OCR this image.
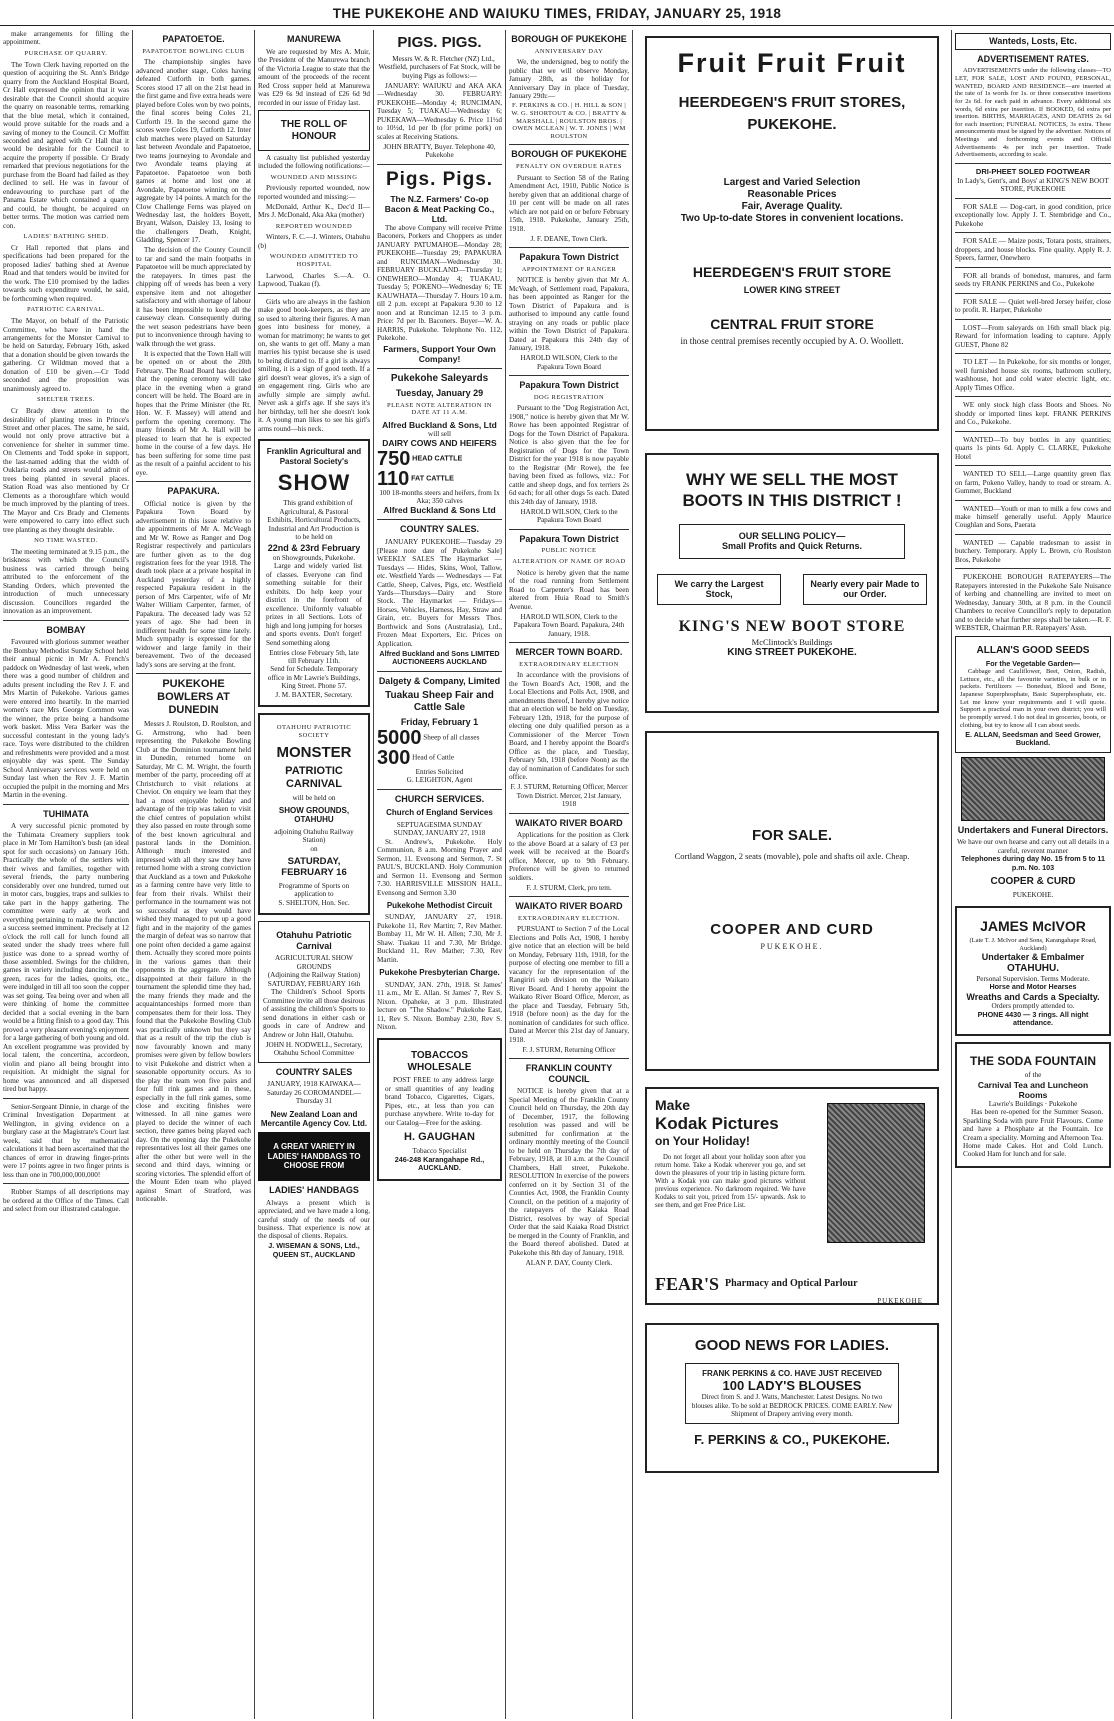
THE PUKEKOHE AND WAIUKU TIMES, FRIDAY, JANUARY 25, 1918
make arrangements for filling the appointment.
PURCHASE OF QUARRY.
The Town Clerk having reported on the question of acquiring the St. Ann's Bridge quarry from the Auckland Hospital Board, Cr Hall expressed the opinion that it was desirable that the Council should acquire the quarry on reasonable terms, remarking that the blue metal, which it contained, would prove suitable for the roads and a saving of money to the Council. Cr Moffitt seconded and agreed with Cr Hall that it would be desirable for the Council to acquire the property if possible. Cr Brady remarked that previous negotiations for the purchase from the Board had failed as they declined to sell. He was in favour of endeavouring to purchase part of the Panama Estate which contained a quarry and could, he thought, be acquired on better terms. The motion was carried nem con.
LADIES' BATHING SHED.
Cr Hall reported that plans and specifications had been prepared for the proposed ladies' bathing shed at Avenue Road and that tenders would be invited for the work. The £10 promised by the ladies towards such expenditure would, he said, be forthcoming when required.
PATRIOTIC CARNIVAL.
The Mayor, on behalf of the Patriotic Committee, who have in hand the arrangements for the Monster Carnival to be held on Saturday, February 16th, asked that a donation should be given towards the gathering. Cr Wildman moved that a donation of £10 be given.—Cr Todd seconded and the proposition was unanimously agreed to.
SHELTER TREES.
Cr Brady drew attention to the desirability of planting trees in Prince's Street and other places. The same, he said, would not only prove attractive but a convenience for shelter in summer time. On Clements and Todd spoke in support, the last-named adding that the width of Ouklaria roads and streets would admit of trees being planted in several places. Station Road was also mentioned by Cr Clements as a thoroughfare which would be much improved by the planting of trees. The Mayor and Crs Brady and Clements were empowered to carry into effect such tree planting as they thought desirable.
NO TIME WASTED.
The meeting terminated at 9.15 p.m., the briskness with which the Council's business was carried through being attributed to the enforcement of the Standing Orders, which prevented the introduction of much unnecessary discussion. Councillors regarded the innovation as an improvement.
BOMBAY
Favoured with glorious summer weather the Bombay Methodist Sunday School held their annual picnic in Mr A. French's paddock on Wednesday of last week, when there was a good number of children and adults present including the Rev J. F. and Mrs Martin of Pukekohe. Various games were entered into heartily. In the married women's race Mrs George Common was the winner, the prize being a handsome work basket. Miss Vera Barker was the successful contestant in the young lady's race. Toys were distributed to the children and refreshments were provided and a most enjoyable day was spent. The Sunday School Anniversary services were held on Sunday last when the Rev J. F. Martin occupied the pulpit in the morning and Mrs Martin in the evening.
TUHIMATA
A very successful picnic promoted by the Tuhimata Creamery suppliers took place in Mr Tom Hamilton's bush (an ideal spot for such occasions) on January 16th. Practically the whole of the settlers with their wives and families, together with several friends, the party numbering considerably over one hundred, turned out in motor cars, buggies, traps and sulkies to take part in the happy gathering. The committee were early at work and everything pertaining to make the function a success seemed imminent. Precisely at 12 o'clock the roll call for lunch found all seated under the shady trees where full justice was done to a spread worthy of those assembled. Swings for the children, games in variety including dancing on the green, races for the ladies, quoits, etc., were indulged in till all too soon the copper was set going. Tea being over and when all were thinking of home the committee decided that a social evening in the barn would be a fitting finish to a good day. This proved a very pleasant evening's enjoyment for a large gathering of both young and old. An excellent programme was provided by local talent, the concertina, accordeon, violin and piano all being brought into requisition. At midnight the signal for home was announced and all dispersed tired but happy.
Senior-Sergeant Dinnie, in charge of the Criminal Investigation Department at Wellington, in giving evidence on a burglary case at the Magistrate's Court last week, said that by mathematical calculations it had been ascertained that the chances of error in drawing finger-prints were 17 points agree in two finger prints is less than one in 700,000,000,000!
Rubber Stamps of all descriptions may be ordered at the Office of the Times. Call and select from our illustrated catalogue.
PAPATOETOE.
PAPATOETOE BOWLING CLUB
The championship singles have advanced another stage, Coles having defeated Cutforth in both games. Scores stood 17 all on the 21st head in the first game and five extra heads were played before Coles won by two points, the final scores being Coles 21, Cutforth 19. In the second game the scores were Coles 19, Cutforth 12. Inter club matches were played on Saturday last between Avondale and Papatoetoe, two teams journeying to Avondale and two Avondale teams playing at Papatoetoe. Papatoetoe won both games at home and lost one at Avondale, Papatoetoe winning on the aggregate by 14 points. A match for the Clow Challenge Ferns was played on Wednesday last, the holders Boyett, Bryant, Walson, Daisley 13, losing to the challengers Death, Knight, Gladding, Spencer 17.
The decision of the County Council to tar and sand the main footpaths in Papatoetoe will be much appreciated by the ratepayers. In times past the chipping off of weeds has been a very expensive item and not altogether satisfactory and with shortage of labour it has been impossible to keep all the causeway clean. Consequently during the wet season pedestrians have been put to inconvenience through having to walk through the wet grass.
It is expected that the Town Hall will be opened on or about the 20th February. The Road Board has decided that the opening ceremony will take place in the evening when a grand concert will be held. The Board are in hopes that the Prime Minister (the Rt. Hon. W. F. Massey) will attend and perform the opening ceremony. The many friends of Mr A. Hall will be pleased to learn that he is expected home in the course of a few days. He has been suffering for some time past as the result of a painful accident to his eye.
PAPAKURA.
Official notice is given by the Papakura Town Board by advertisement in this issue relative to the appointments of Mr A. McVeagh and Mr W. Rowe as Ranger and Dog Registrar respectively and particulars are further given as to the dog registration fees for the year 1918. The death took place at a private hospital in Auckland yesterday of a highly respected Papakura resident in the person of Mrs Carpenter, wife of Mr Walter William Carpenter, farmer, of Papakura. The deceased lady was 52 years of age. She had been in indifferent health for some time lately. Much sympathy is expressed for the widower and large family in their bereavement. Two of the deceased lady's sons are serving at the front.
PUKEKOHE BOWLERS AT DUNEDIN
Messrs J. Roulston, D. Roulston, and G. Armstrong, who had been representing the Pukekohe Bowling Club at the Dominion tournament held in Dunedin, returned home on Saturday, Mr C. M. Wright, the fourth member of the party, proceeding off at Christchurch to visit relations at Cheviot. On enquiry we learn that they had a most enjoyable holiday and advantage of the trip was taken to visit the chief centres of population whilst they also passed en route through some of the best known agricultural and pastoral lands in the Dominion. Although much interested and impressed with all they saw they have returned home with a strong conviction that Auckland as a town and Pukekohe as a farming centre have very little to fear from their rivals. Whilst their performance in the tournament was not so successful as they would have wished they managed to put up a good fight and in the majority of the games the margin of defeat was so narrow that one point often decided a game against them. Actually they scored more points in the various games than their opponents in the aggregate. Although disappointed at their failure in the tournament the splendid time they had, the many friends they made and the acquaintanceships formed more than compensates them for their loss. They found that the Pukekohe Bowling Club was practically unknown but they say that as a result of the trip the club is now favourably known and many promises were given by fellow bowlers to visit Pukekohe and district when a seasonable opportunity occurs. As to the play the team won five pairs and four full rink games and in these, especially in the full rink games, some close and exciting finishes were witnessed. In all nine games were played to decide the winner of each section, three games being played each day. On the opening day the Pukekohe representatives lost all their games one after the other but were well in the second and third days, winning or scoring victories. The splendid effort of the Mount Eden team who played against Smart of Stratford, was noticeable.
MANUREWA
We are requested by Mrs A. Muir, the President of the Manurewa branch of the Victoria League to state that the amount of the proceeds of the recent Red Cross supper held at Manurewa was £29 6s 9d instead of £26 6d 9d recorded in our issue of Friday last.
THE ROLL OF HONOUR
A casualty list published yesterday included the following notifications:—
WOUNDED AND MISSING
Previously reported wounded, now reported wounded and missing:—
McDonald, Arthur K., Dec'd II—Mrs J. McDonald, Aka Aka (mother)
REPORTED WOUNDED
Winters, F. C.—J. Winters, Otahuhu (b)
WOUNDED ADMITTED TO HOSPITAL
Larwood, Charles S.—A. O. Lapwood, Tuakau (f).
Girls who are always in the fashion make good book-keepers, as they are so used to altering their figures. A man goes into business for money, a woman for matrimony; he wants to get on, she wants to get off. Many a man marries his typist because she is used to being dictated to. If a girl is always smiling, it is a sign of good teeth. If a girl doesn't wear gloves, it's a sign of an engagement ring. Girls who are awfully simple are simply awful. Never ask a girl's age. If she says it's her birthday, tell her she doesn't look it. A young man likes to see his girl's arms round—his neck.
Franklin Agricultural and Pastoral Society's
SHOW
This grand exhibition of Agricultural, & Pastoral Exhibits, Horticultural Products, Industrial and Art Production is to be held on
22nd & 23rd February
on Showgrounds, Pukekohe.
Large and widely varied list of classes. Everyone can find something suitable for their exhibits. Do help keep your district in the forefront of excellence. Uniformly valuable prizes in all Sections. Lots of high and long jumping for horses and sports events. Don't forget! Send something along
Entries close February 5th, late till February 11th.
Send for Schedule. Temporary office in Mr Lawrie's Buildings, King Street. Phone 57.
J. M. BAXTER, Secretary.
OTAHUHU PATRIOTIC SOCIETY
MONSTER
PATRIOTIC CARNIVAL
will be held on
SHOW GROUNDS, OTAHUHU
adjoining Otahuhu Railway Station)
on
SATURDAY, FEBRUARY 16
Programme of Sports on application to
S. SHELTON, Hon. Sec.
Otahuhu Patriotic Carnival
AGRICULTURAL SHOW GROUNDS
(Adjoining the Railway Station)
SATURDAY, FEBRUARY 16th
The Children's School Sports Committee invite all those desirous of assisting the children's Sports to send donations in either cash or goods in care of Andrew and Andrew or John Hall, Otahuhu.
JOHN H. NODWELL, Secretary, Otahuhu School Committee
COUNTRY SALES
JANUARY, 1918 KAIWAKA—Saturday 26 COROMANDEL—Thursday 31
New Zealand Loan and Mercantile Agency Cov. Ltd.
A GREAT VARIETY IN LADIES' HANDBAGS TO CHOOSE FROM
LADIES' HANDBAGS
Always a present which is appreciated, and we have made a long, careful study of the needs of our business. That experience is now at the disposal of clients. Repairs.
J. WISEMAN & SONS, Ltd., QUEEN ST., AUCKLAND
PIGS. PIGS.
Messrs W. & R. Fletcher (NZ) Ltd., Westfield, purchasers of Fat Stock, will be buying Pigs as follows:—
JANUARY: WAIUKU and AKA AKA—Wednesday 30. FEBRUARY: PUKEKOHE—Monday 4; RUNCIMAN, Tuesday 5; TUAKAU—Wednesday 6; PUKEKAWA—Wednesday 6. Price 11½d to 10½d, 1d per lb (for prime pork) on scales at Receiving Stations.
JOHN BRATTY, Buyer. Telephone 40, Pukekohe
Pigs. Pigs.
The N.Z. Farmers' Co-op Bacon & Meat Packing Co., Ltd.
The above Company will receive Prime Baconers, Porkers and Choppers as under JANUARY PATUMAHOE—Monday 28; PUKEKOHE—Tuesday 29; PAPAKURA and RUNCIMAN—Wednesday 30. FEBRUARY BUCKLAND—Thursday 1; ONEWHERO—Monday 4; TUAKAU, Tuesday 5; POKENO—Wednesday 6; TE KAUWHATA—Thursday 7. Hours 10 a.m. till 2 p.m. except at Papakura 9.30 to 12 noon and at Runciman 12.15 to 3 p.m. Price: 7d per lb. Baconers. Buyer—W. A. HARRIS, Pukekohe. Telephone No. 112, Pukekohe.
Farmers, Support Your Own Company!
Pukekohe Saleyards
Tuesday, January 29
PLEASE NOTE ALTERATION IN DATE AT 11 A.M.
Alfred Buckland & Sons, Ltd
will sell
DAIRY COWS AND HEIFERS
750 HEAD CATTLE
110 FAT CATTLE
100 18-months steers and heifers, from Ix Aka; 350 calves
Alfred Buckland & Sons Ltd
COUNTRY SALES.
JANUARY PUKEKOHE—Tuesday 29 [Please note date of Pukekohe Sale] WEEKLY SALES The Haymarket — Tuesdays — Hides, Skins, Wool, Tallow, etc. Westfield Yards — Wednesdays — Fat Cattle, Sheep, Calves, Pigs, etc. Westfield Yards—Thursdays—Dairy and Store Stock. The Haymarket — Fridays—Horses, Vehicles, Harness, Hay, Straw and Grain, etc. Buyers for Messrs Thos. Borthwick and Sons (Australasia), Ltd., Frozen Meat Exporters, Etc. Prices on Application.
Alfred Buckland and Sons LIMITED AUCTIONEERS AUCKLAND
Dalgety & Company, Limited
Tuakau Sheep Fair and Cattle Sale
Friday, February 1
5000 Sheep of all classes
300 Head of Cattle
Entries Solicited
G. LEIGHTON, Agent
CHURCH SERVICES.
Church of England Services
SEPTUAGESIMA SUNDAY
SUNDAY, JANUARY 27, 1918
St. Andrew's, Pukekohe. Holy Communion, 8 a.m. Morning Prayer and Sermon, 11. Evensong and Sermon, 7. St PAUL'S, BUCKLAND. Holy Communion and Sermon 11. Evensong and Sermon 7.30. HARRISVILLE MISSION HALL. Evensong and Sermon 3.30
Pukekohe Methodist Circuit
SUNDAY, JANUARY 27, 1918. Pukekohe 11, Rev Martin; 7, Rev Mather. Bombay 11, Mr W. H. Allen; 7.30, Mr J. Shaw. Tuakau 11 and 7.30, Mr Bridge. Buckland 11, Rev Mather; 7.30, Rev Martin.
Pukekohe Presbyterian Charge.
SUNDAY, JAN. 27th, 1918. St James' 11 a.m., Mr E. Allan. St James' 7, Rev S. Nixon. Opaheke, at 3 p.m. Illustrated lecture on "The Shadow." Pukekohe East, 11, Rev S. Nixon. Bombay 2.30, Rev S. Nixon.
TOBACCOS WHOLESALE
POST FREE to any address large or small quantities of any leading brand Tobacco, Cigarettes, Cigars, Pipes, etc., at less than you can purchase anywhere. Write to-day for our Catalog—Free for the asking.
H. GAUGHAN
Tobacco Specialist
246-248 Karangahape Rd., AUCKLAND.
BOROUGH OF PUKEKOHE
ANNIVERSARY DAY
We, the undersigned, beg to notify the public that we will observe Monday, January 28th, as the holiday for Anniversary Day in place of Tuesday, January 29th:—
F. PERKINS & CO. | H. HILL & SON | W. G. SHORTOUT & CO. | BRATTY & MARSHALL | ROULSTON BROS. | OWEN MCLEAN | W. T. JONES | WM ROULSTON
BOROUGH OF PUKEKOHE
PENALTY ON OVERDUE RATES
Pursuant to Section 58 of the Rating Amendment Act, 1910, Public Notice is hereby given that an additional charge of 10 per cent will be made on all rates which are not paid on or before February 15th, 1918. Pukekohe, January 25th, 1918.
J. F. DEANE, Town Clerk.
Papakura Town District
APPOINTMENT OF RANGER
NOTICE is hereby given that Mr A. McVeagh, of Settlement road, Papakura, has been appointed as Ranger for the Town District of Papakura and is authorised to impound any cattle found straying on any roads or public place within the Town District of Papakura. Dated at Papakura this 24th day of January, 1918.
HAROLD WILSON, Clerk to the Papakura Town Board
Papakura Town District
DOG REGISTRATION
Pursuant to the "Dog Registration Act, 1908," notice is hereby given that Mr W. Rowe has been appointed Registrar of Dogs for the Town District of Papakura. Notice is also given that the fee for Registration of Dogs for the Town District for the year 1918 is now payable to the Registrar (Mr Rowe), the fee having been fixed as follows, viz.: For cattle and sheep dogs, and fox terriers 2s 6d each; for all other dogs 5s each. Dated this 24th day of January, 1918.
HAROLD WILSON, Clerk to the Papakura Town Board
Papakura Town District
PUBLIC NOTICE
ALTERATION OF NAME OF ROAD
Notice is hereby given that the name of the road running from Settlement Road to Carpenter's Road has been altered from Huia Road to Smith's Avenue.
HAROLD WILSON, Clerk to the Papakura Town Board. Papakura, 24th January, 1918.
MERCER TOWN BOARD.
EXTRAORDINARY ELECTION
In accordance with the provisions of the Town Board's Act, 1908, and the Local Elections and Polls Act, 1908, and amendments thereof, I hereby give notice that an election will be held on Tuesday, February 12th, 1918, for the purpose of electing one duly qualified person as a Commissioner of the Mercer Town Board, and I hereby appoint the Board's Office as the place, and Tuesday, February 5th, 1918 (before Noon) as the day of nomination of Candidates for such office.
F. J. STURM, Returning Officer, Mercer Town District. Mercer, 21st January, 1918
WAIKATO RIVER BOARD
Applications for the position as Clerk to the above Board at a salary of £3 per week will be received at the Board's office, Mercer, up to 9th February. Preference will be given to returned soldiers.
F. J. STURM, Clerk, pro tem.
WAIKATO RIVER BOARD
EXTRAORDINARY ELECTION.
PURSUANT to Section 7 of the Local Elections and Polls Act, 1908, I hereby give notice that an election will be held on Monday, February 11th, 1918, for the purpose of electing one member to fill a vacancy for the representation of the Rangiriri sub division on the Waikato River Board. And I hereby appoint the Waikato River Board Office, Mercer, as the place and Tuesday, February 5th, 1918 (before noon) as the day for the nomination of candidates for such office. Dated at Mercer this 21st day of January, 1918.
F. J. STURM, Returning Officer
FRANKLIN COUNTY COUNCIL
NOTICE is hereby given that at a Special Meeting of the Franklin County Council held on Thursday, the 20th day of December, 1917, the following resolution was passed and will be submitted for confirmation at the ordinary monthly meeting of the Council to be held on Thursday the 7th day of February, 1918, at 10 a.m. at the Council Chambers, Hall street, Pukekohe. RESOLUTION In exercise of the powers conferred on it by Section 31 of the Counties Act, 1908, the Franklin County Council, on the petition of a majority of the ratepayers of the Kaiaka Road District, resolves by way of Special Order that the said Kaiaka Road District be merged in the County of Franklin, and the Board thereof abolished. Dated at Pukekohe this 8th day of January, 1918.
ALAN P. DAY, County Clerk.
Fruit Fruit Fruit
HEERDEGEN'S FRUIT STORES,
PUKEKOHE.
Largest and Varied Selection
Reasonable Prices
Fair, Average Quality.
Two Up-to-date Stores in convenient locations.
HEERDEGEN'S FRUIT STORE
LOWER KING STREET
CENTRAL FRUIT STORE
in those central premises recently occupied by A. O. Woollett.
WHY WE SELL THE MOST BOOTS IN THIS DISTRICT !
OUR SELLING POLICY—
Small Profits and Quick Returns.
We carry the Largest Stock,
Nearly every pair Made to our Order.
KING'S NEW BOOT STORE
McClintock's Buildings
KING STREET PUKEKOHE.
FOR SALE.
Cortland Waggon, 2 seats (movable), pole and shafts oil axle. Cheap.
COOPER AND CURD
PUKEKOHE.
Make
Kodak Pictures
on Your Holiday!
Do not forget all about your holiday soon after you return home. Take a Kodak wherever you go, and set down the pleasures of your trip in lasting picture form. With a Kodak you can make good pictures without previous experience. No darkroom required. We have Kodaks to suit you, priced from 15/- upwards. Ask to see them, and get Free Price List.
FEAR'S Pharmacy and Optical Parlour
PUKEKOHE
GOOD NEWS FOR LADIES.
FRANK PERKINS & CO. HAVE JUST RECEIVED
100 LADY'S BLOUSES
Direct from S. and J. Watts, Manchester. Latest Designs. No two blouses alike. To be sold at BEDROCK PRICES. COME EARLY. New Shipment of Drapery arriving every month.
F. PERKINS & CO., PUKEKOHE.
Wanteds, Losts, Etc.
ADVERTISEMENT RATES.
ADVERTISEMENTS under the following classes—TO LET, FOR SALE, LOST AND FOUND, PERSONAL, WANTED, BOARD AND RESIDENCE—are inserted at the rate of 1s words for 1s. or three consecutive insertions for 2s 6d. for each paid in advance. Every additional six words, 6d extra per insertion. If BOOKED, 6d extra per insertion. BIRTHS, MARRIAGES, AND DEATHS 2s 6d for each insertion; FUNERAL NOTICES, 3s extra. These announcements must be signed by the advertiser. Notices of Meetings and forthcoming events and Official Advertisements 4s per inch per insertion. Trade Advertisements, according to scale.
DRI-PHEET SOLED FOOTWEAR
In Lady's, Gent's, and Boys' at KING'S NEW BOOT STORE, PUKEKOHE
FOR SALE — Dog-cart, in good condition, price exceptionally low. Apply J. T. Stembridge and Co., Pukekohe
FOR SALE — Maize posts, Totara posts, strainers, droppers, and house blocks. Fine quality. Apply R. J. Speers, farmer, Onewhero
FOR all brands of bonedust, manures, and farm seeds try FRANK PERKINS and Co., Pukekohe
FOR SALE — Quiet well-bred Jersey heifer, close to profit. R. Harper, Pukekohe
LOST—From saleyards on 16th small black pig. Reward for information leading to capture. Apply GUEST, Phone 82
TO LET — In Pukekohe, for six months or longer, well furnished house six rooms, bathroom scullery, washhouse, hot and cold water electric light, etc. Apply Times Office.
WE only stock high class Boots and Shoes. No shoddy or imported lines kept. FRANK PERKINS and Co., Pukekohe.
WANTED—To buy bottles in any quantities; quarts 1s pints 6d. Apply C. CLARKE, Pukekohe Hotel
WANTED TO SELL—Large quantity green flax on farm, Pokeno Valley, handy to road or stream. A. Gummer, Buckland
WANTED—Youth or man to milk a few cows and make himself generally useful. Apply Maurice Coughlan and Sons, Paerata
WANTED — Capable tradesman to assist in butchery. Temporary. Apply L. Brown, c/o Roulston Bros, Pukekohe
PUKEKOHE BOROUGH RATEPAYERS—The Ratepayers interested in the Pukekohe Sale Nuisance of kerbing and channelling are invited to meet on Wednesday, January 30th, at 8 p.m. in the Council Chambers to receive Councillor's reply to deputation and to decide what further steps shall be taken.—R. F. WEBSTER, Chairman P.R. Ratepayers' Assn.
ALLAN'S GOOD SEEDS
For the Vegetable Garden—
Cabbage and Cauliflower, Beet, Onion, Radish, Lettuce, etc., all the favourite varieties, in bulk or in packets. Fertilizers — Bonedust, Blood and Bone, Japanese Superphosphate, Basic Superphosphate, etc. Let me know your requirements and I will quote. Support a practical man in your own district; you will be promptly served. I do not deal in groceries, boots, or clothing, but try to know all I can about seeds.
E. ALLAN, Seedsman and Seed Grower, Buckland.
Undertakers and Funeral Directors.
We have our own hearse and carry out all details in a careful, reverent manner
Telephones during day No. 15 from 5 to 11 p.m. No. 103
COOPER & CURD
PUKEKOHE.
JAMES McIVOR
(Late T. J. McIvor and Sons, Karangahape Road, Auckland)
Undertaker & Embalmer
OTAHUHU.
Personal Supervision. Terms Moderate.
Horse and Motor Hearses
Wreaths and Cards a Specialty.
Orders promptly attended to.
PHONE 4430 — 3 rings. All night attendance.
THE SODA FOUNTAIN
of the
Carnival Tea and Luncheon Rooms
Lawrie's Buildings · Pukekohe
Has been re-opened for the Summer Season. Sparkling Soda with pure Fruit Flavours. Come and have a Phosphate at the Fountain. Ice Cream a speciality. Morning and Afternoon Tea. Home made Cakes. Hot and Cold Lunch. Cooked Ham for lunch and for sale.
